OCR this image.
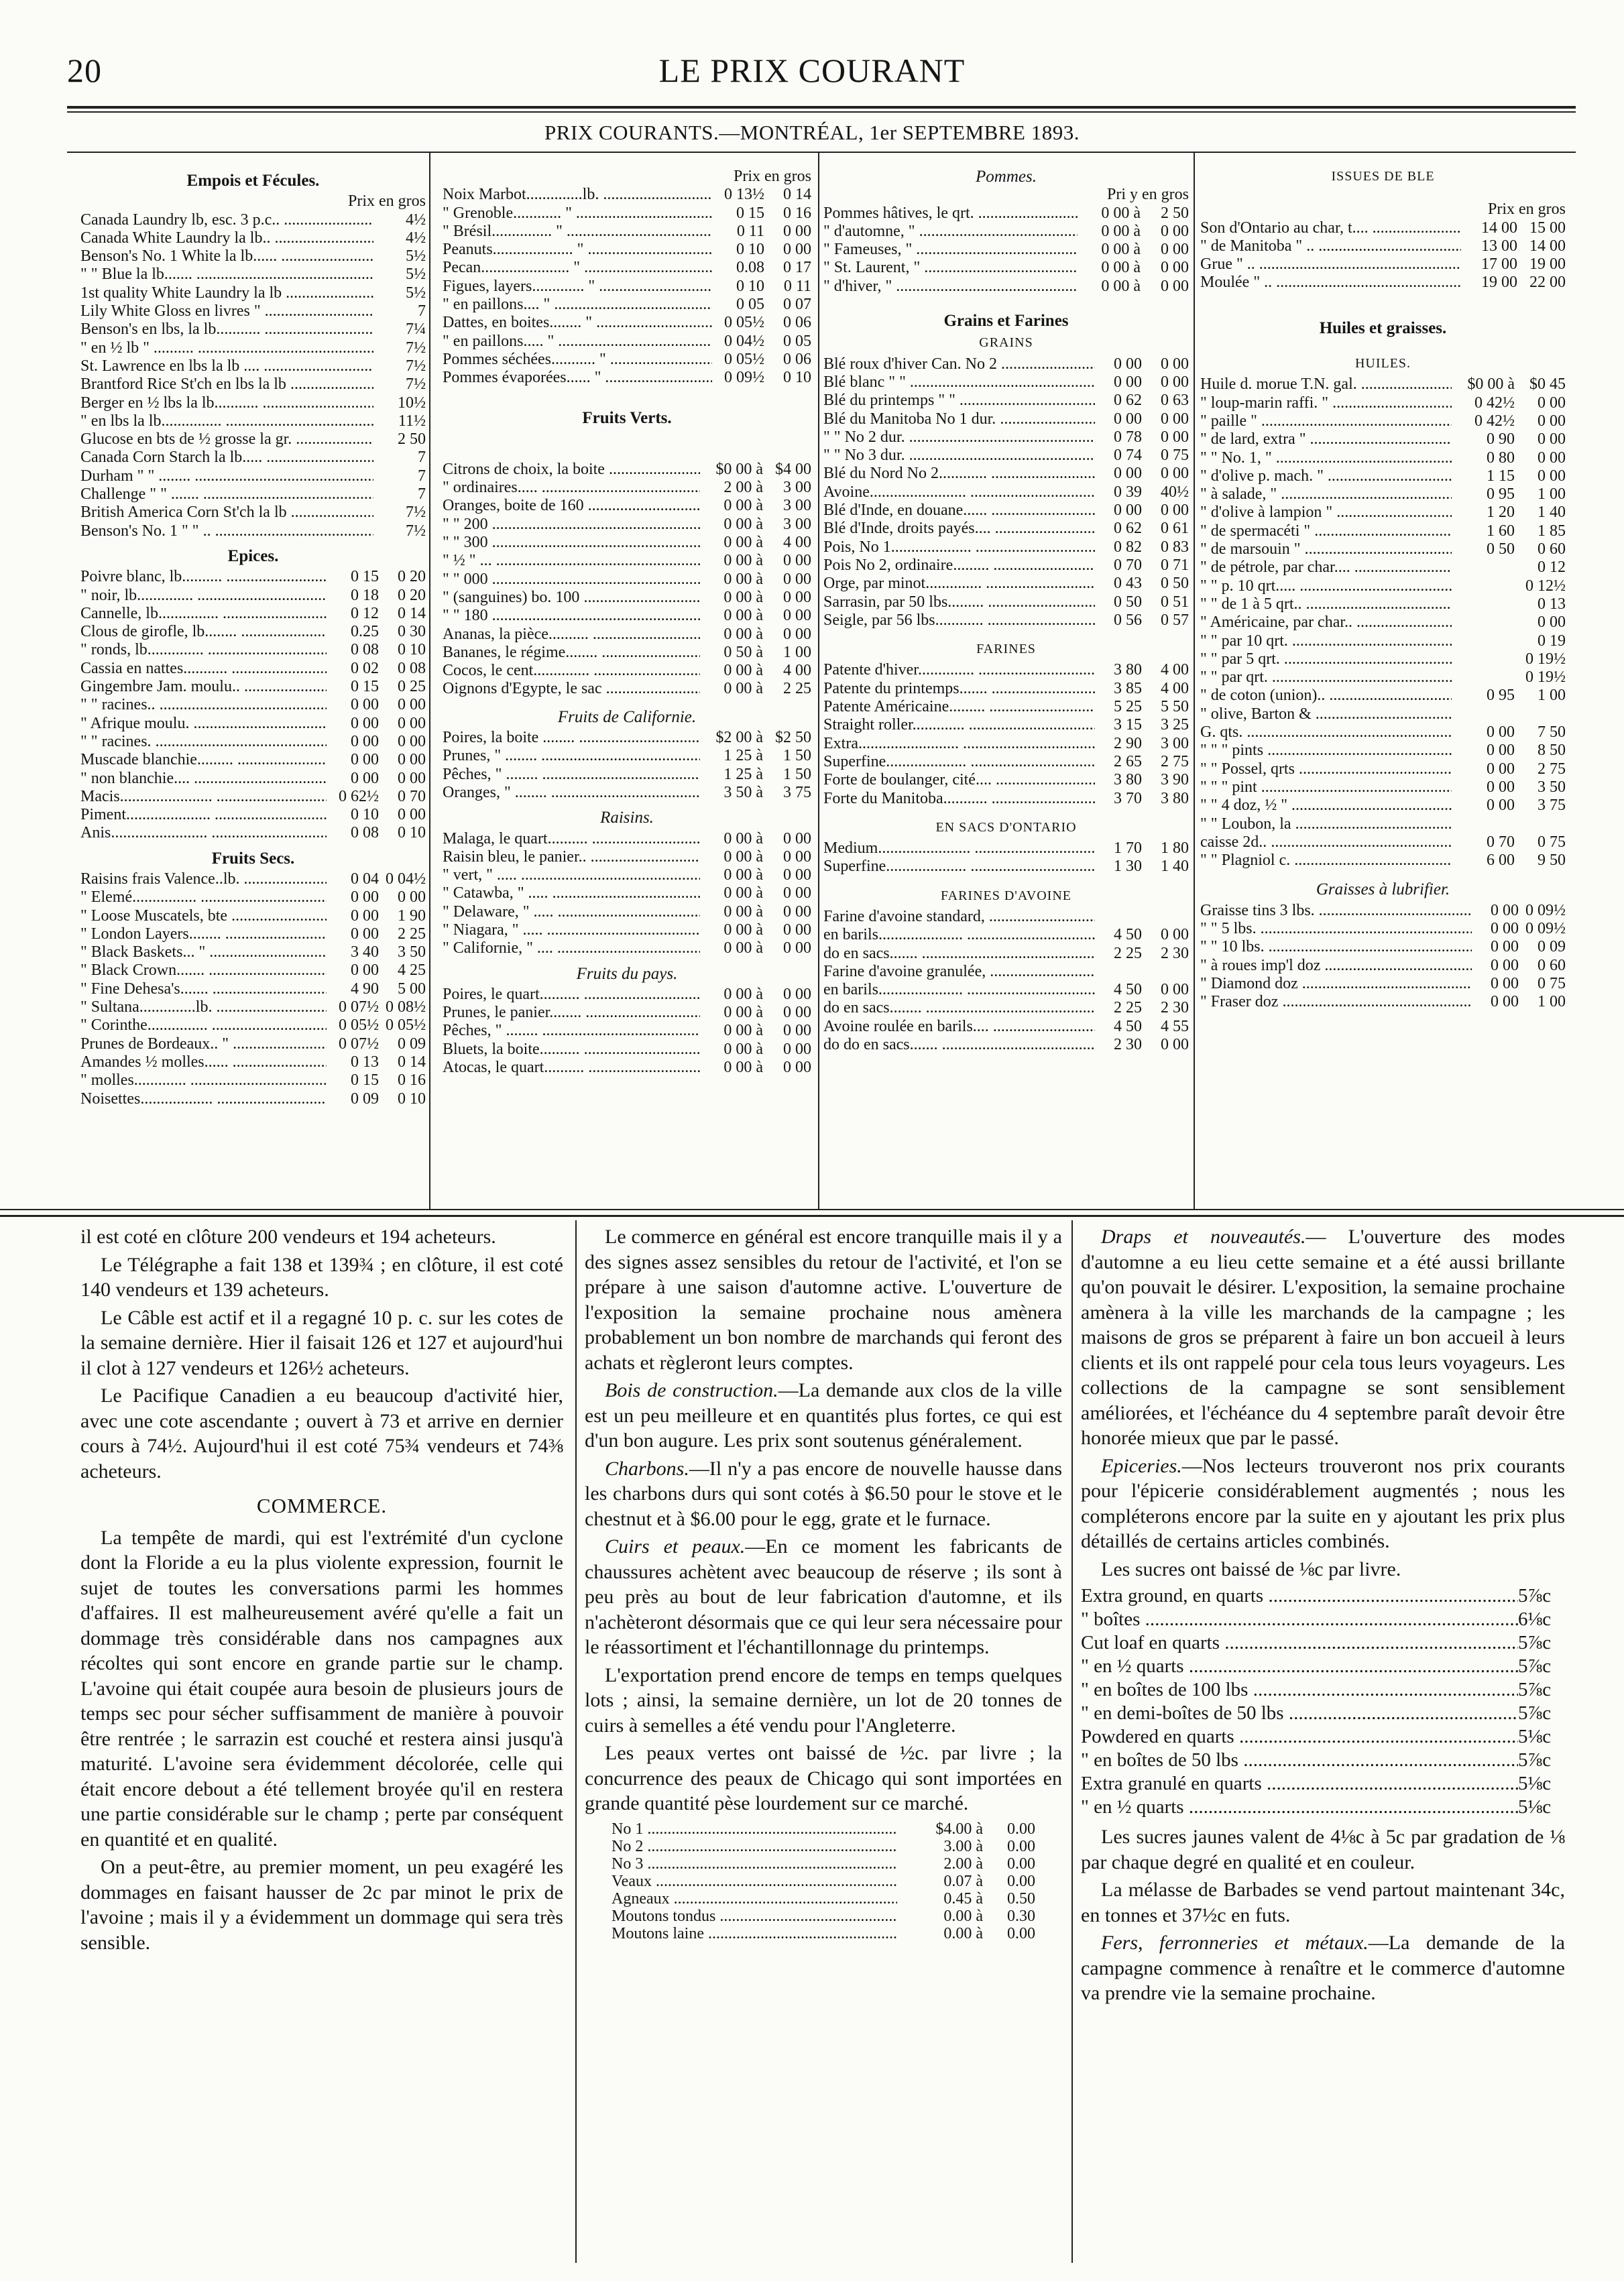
20	LE PRIX COURANT
PRIX COURANTS.—MONTRÉAL, 1er SEPTEMBRE 1893.
Empois et Fécules.
Prix en gros
Canada Laundry lb, esc. 3 p.c.. .....	4½
Canada White Laundry la lb.. .....	4½
Benson's No. 1 White la lb...... .....	5½
" " Blue la lb....... .....	5½
1st quality White Laundry la lb .....	5½
Lily White Gloss en livres " .....	7
Benson's en lbs, la lb........... .....	7¼
" en ½ lb " .......... .....	7½
St. Lawrence en lbs la lb .... .....	7½
Brantford Rice St'ch en lbs la lb .....	7½
Berger en ½ lbs la lb........... .....	10½
" en lbs la lb............... .....	11½
Glucose en bts de ½ grosse la gr. .....	2 50
Canada Corn Starch la lb..... .....	7
Durham " " ........ .....	7
Challenge " " ....... .....	7
British America Corn St'ch la lb .....	7½
Benson's No. 1 " " .. .....	7½
Epices.
Poivre blanc, lb.......... .....	0 15	0 20
" noir, lb.............. .....	0 18	0 20
Cannelle, lb............... .....	0 12	0 14
Clous de girofle, lb........ .....	0.25	0 30
" ronds, lb.............. .....	0 08	0 10
Cassia en nattes........... .....	0 02	0 08
Gingembre Jam. moulu.. .....	0 15	0 25
" " racines.. .....	0 00	0 00
" Afrique moulu. .....	0 00	0 00
" " racines. .....	0 00	0 00
Muscade blanchie......... .....	0 00	0 00
" non blanchie.... .....	0 00	0 00
Macis....................... .....	0 62½	0 70
Piment..................... .....	0 10	0 00
Anis........................ .....	0 08	0 10
Fruits Secs.
Raisins frais Valence..lb. .....	0 04 0 04½
" Elemé................ .....	0 00	0 00
" Loose Muscatels, bte .....	0 00	1 90
" London Layers........ .....	0 00	2 25
" Black Baskets... " .....	3 40	3 50
" Black Crown....... .....	0 00	4 25
" Fine Dehesa's....... .....	4 90	5 00
" Sultana..............lb. .....	0 07½ 0 08½
" Corinthe............... .....	0 05½ 0 05½
Prunes de Bordeaux.. " .....	0 07½	0 09
Amandes ½ molles...... .....	0 13	0 14
" molles............. .....	0 15	0 16
Noisettes.................. .....	0 09	0 10
Prix en gros
Noix Marbot..............lb. .....	0 13½	0 14
" Grenoble............ " .....	0 15	0 16
" Brésil............... " .....	0 11	0 00
Peanuts.................... " .....	0 10	0 00
Pecan...................... " .....	0.08	0 17
Figues, layers............. " .....	0 10	0 11
" en paillons.... " .....	0 05	0 07
Dattes, en boites........ " .....	0 05½	0 06
" en paillons..... " .....	0 04½	0 05
Pommes séchées........... " .....	0 05½	0 06
Pommes évaporées...... " .....	0 09½	0 10
Fruits Verts.
Citrons de choix, la boite .....	$0 00 à $4 00
" ordinaires..... .....	2 00 à	3 00
Oranges, boite de 160 .....	0 00 à	3 00
" " 200 .....	0 00 à	3 00
" " 300 .....	0 00 à	4 00
" ½ " ... .....	0 00 à	0 00
" " 000 .....	0 00 à	0 00
" (sanguines) bo. 100 .....	0 00 à	0 00
" " 180 .....	0 00 à	0 00
Ananas, la pièce.......... .....	0 00 à	0 00
Bananes, le régime........ .....	0 50 à	1 00
Cocos, le cent.............. .....	0 00 à	4 00
Oignons d'Egypte, le sac .....	0 00 à	2 25
Fruits de Californie.
Poires, la boite ........ .....	$2 00 à $2 50
Prunes, " ........ .....	1 25 à	1 50
Pêches, " ........ .....	1 25 à	1 50
Oranges, " ........ .....	3 50 à	3 75
Raisins.
Malaga, le quart.......... .....	0 00 à	0 00
Raisin bleu, le panier.. .....	0 00 à	0 00
" vert, " ..... .....	0 00 à	0 00
" Catawba, " ..... .....	0 00 à	0 00
" Delaware, " ..... .....	0 00 à	0 00
" Niagara, " ..... .....	0 00 à	0 00
" Californie, " .... .....	0 00 à	0 00
Fruits du pays.
Poires, le quart.......... .....	0 00 à	0 00
Prunes, le panier........ .....	0 00 à	0 00
Pêches, " ........ .....	0 00 à	0 00
Bluets, la boite.......... .....	0 00 à	0 00
Atocas, le quart.......... .....	0 00 à	0 00
Pommes.
Pri y en gros
Pommes hâtives, le qrt. .....	0 00 à	2 50
" d'automne, " .....	0 00 à	0 00
" Fameuses, " .....	0 00 à	0 00
" St. Laurent, " .....	0 00 à	0 00
" d'hiver, " .....	0 00 à	0 00
Grains et Farines
GRAINS
Blé roux d'hiver Can. No 2 .....	0 00	0 00
Blé blanc " " .....	0 00	0 00
Blé du printemps " " .....	0 62	0 63
Blé du Manitoba No 1 dur. .....	0 00	0 00
" " No 2 dur. .....	0 78	0 00
" " No 3 dur. .....	0 74	0 75
Blé du Nord No 2............ .....	0 00	0 00
Avoine........................ .....	0 39	40½
Blé d'Inde, en douane...... .....	0 00	0 00
Blé d'Inde, droits payés.... .....	0 62	0 61
Pois, No 1.................... .....	0 82	0 83
Pois No 2, ordinaire......... .....	0 70	0 71
Orge, par minot.............. .....	0 43	0 50
Sarrasin, par 50 lbs......... .....	0 50	0 51
Seigle, par 56 lbs............ .....	0 56	0 57
FARINES
Patente d'hiver.............. .....	3 80	4 00
Patente du printemps....... .....	3 85	4 00
Patente Américaine......... .....	5 25	5 50
Straight roller............. .....	3 15	3 25
Extra......................... .....	2 90	3 00
Superfine.................... .....	2 65	2 75
Forte de boulanger, cité.... .....	3 80	3 90
Forte du Manitoba........... .....	3 70	3 80
EN SACS D'ONTARIO
Medium....................... .....	1 70	1 80
Superfine.................... .....	1 30	1 40
FARINES D'AVOINE
Farine d'avoine standard, .....
en barils..................... .....	4 50	0 00
do en sacs....... .....	2 25	2 30
Farine d'avoine granulée, .....
en barils..................... .....	4 50	0 00
do en sacs........ .....	2 25	2 30
Avoine roulée en barils.... .....	4 50	4 55
do do en sacs....... .....	2 30	0 00
ISSUES DE BLE
Prix en gros
Son d'Ontario au char, t.... .....	14 00 15 00
" de Manitoba " .. .....	13 00 14 00
Grue " .. .....	17 00 19 00
Moulée " .. .....	19 00 22 00
Huiles et graisses.
HUILES.
Huile d. morue T.N. gal. .....	$0 00 à $0 45
" loup-marin raffi. " .....	0 42½	0 00
" paille " .....	0 42½	0 00
" de lard, extra " .....	0 90	0 00
" " No. 1, " .....	0 80	0 00
" d'olive p. mach. " .....	1 15	0 00
" à salade, " .....	0 95	1 00
" d'olive à lampion " .....	1 20	1 40
" de spermacéti " .....	1 60	1 85
" de marsouin " .....	0 50	0 60
" de pétrole, par char.... .....	0 12
" " p. 10 qrt..... .....	0 12½
" " de 1 à 5 qrt.. .....	0 13
" Américaine, par char.. .....	0 00
" " par 10 qrt. .....	0 19
" " par 5 qrt. .....	0 19½
" " par qrt. .....	0 19½
" de coton (union).. .....	0 95	1 00
" olive, Barton & .....
G. qts. .....	0 00	7 50
" " " pints .....	0 00	8 50
" " Possel, qrts .....	0 00	2 75
" " " pint .....	0 00	3 50
" " 4 doz, ½ " .....	0 00	3 75
" " Loubon, la .....
caisse 2d.. .....	0 70	0 75
" " Plagniol c. .....	6 00	9 50
Graisses à lubrifier.
Graisse tins 3 lbs. .....	0 00 0 09½
" " 5 lbs. .....	0 00 0 09½
" " 10 lbs. .....	0 00	0 09
" à roues imp'l doz .....	0 00	0 60
" Diamond doz .....	0 00	0 75
" Fraser doz .....	0 00	1 00

il est coté en clôture 200 vendeurs et 194 acheteurs.

Le Télégraphe a fait 138 et 139¾ ; en clôture, il est coté 140 vendeurs et 139 acheteurs.

Le Câble est actif et il a regagné 10 p. c. sur les cotes de la semaine dernière. Hier il faisait 126 et 127 et aujourd'hui il clot à 127 vendeurs et 126½ acheteurs.

Le Pacifique Canadien a eu beaucoup d'activité hier, avec une cote ascendante ; ouvert à 73 et arrive en dernier cours à 74½. Aujourd'hui il est coté 75¾ vendeurs et 74⅜ acheteurs.

COMMERCE.

La tempête de mardi, qui est l'extrémité d'un cyclone dont la Floride a eu la plus violente expression, fournit le sujet de toutes les conversations parmi les hommes d'affaires. Il est malheureusement avéré qu'elle a fait un dommage très considérable dans nos campagnes aux récoltes qui sont encore en grande partie sur le champ. L'avoine qui était coupée aura besoin de plusieurs jours de temps sec pour sécher suffisamment de manière à pouvoir être rentrée ; le sarrazin est couché et restera ainsi jusqu'à maturité. L'avoine sera évidemment décolorée, celle qui était encore debout a été tellement broyée qu'il en restera une partie considérable sur le champ ; perte par conséquent en quantité et en qualité.

On a peut-être, au premier moment, un peu exagéré les dommages en faisant hausser de 2c par minot le prix de l'avoine ; mais il y a évidemment un dommage qui sera très sensible.

Le commerce en général est encore tranquille mais il y a des signes assez sensibles du retour de l'activité, et l'on se prépare à une saison d'automne active. L'ouverture de l'exposition la semaine prochaine nous amènera probablement un bon nombre de marchands qui feront des achats et règleront leurs comptes.

Bois de construction.—La demande aux clos de la ville est un peu meilleure et en quantités plus fortes, ce qui est d'un bon augure. Les prix sont soutenus généralement.

Charbons.—Il n'y a pas encore de nouvelle hausse dans les charbons durs qui sont cotés à $6.50 pour le stove et le chestnut et à $6.00 pour le egg, grate et le furnace.

Cuirs et peaux.—En ce moment les fabricants de chaussures achètent avec beaucoup de réserve ; ils sont à peu près au bout de leur fabrication d'automne, et ils n'achèteront désormais que ce qui leur sera nécessaire pour le réassortiment et l'échantillonnage du printemps.

L'exportation prend encore de temps en temps quelques lots ; ainsi, la semaine dernière, un lot de 20 tonnes de cuirs à semelles a été vendu pour l'Angleterre.

Les peaux vertes ont baissé de ½c. par livre ; la concurrence des peaux de Chicago qui sont importées en grande quantité pèse lourdement sur ce marché.

No 1 .....	$4.00 à	0.00
No 2 .....	3.00 à	0.00
No 3 .....	2.00 à	0.00
Veaux .....	0.07 à	0.00
Agneaux .....	0.45 à	0.50
Moutons tondus .....	0.00 à	0.30
Moutons laine .....	0.00 à	0.00

Draps et nouveautés.— L'ouverture des modes d'automne a eu lieu cette semaine et a été aussi brillante qu'on pouvait le désirer. L'exposition, la semaine prochaine amènera à la ville les marchands de la campagne ; les maisons de gros se préparent à faire un bon accueil à leurs clients et ils ont rappelé pour cela tous leurs voyageurs. Les collections de la campagne se sont sensiblement améliorées, et l'échéance du 4 septembre paraît devoir être honorée mieux que par le passé.

Epiceries.—Nos lecteurs trouveront nos prix courants pour l'épicerie considérablement augmentés ; nous les compléterons encore par la suite en y ajoutant les prix plus détaillés de certains articles combinés.

Les sucres ont baissé de ⅛c par livre.

Extra ground, en quarts .....	5⅞c
" boîtes .....	6⅛c
Cut loaf en quarts .....	5⅞c
" en ½ quarts .....	5⅞c
" en boîtes de 100 lbs .....	5⅞c
" en demi-boîtes de 50 lbs .....	5⅞c
Powdered en quarts .....	5⅛c
" en boîtes de 50 lbs .....	5⅞c
Extra granulé en quarts .....	5⅛c
" en ½ quarts .....	5⅛c

Les sucres jaunes valent de 4⅛c à 5c par gradation de ⅛ par chaque degré en qualité et en couleur.

La mélasse de Barbades se vend partout maintenant 34c, en tonnes et 37½c en futs.

Fers, ferronneries et métaux.—La demande de la campagne commence à renaître et le commerce d'automne va prendre vie la semaine prochaine.
